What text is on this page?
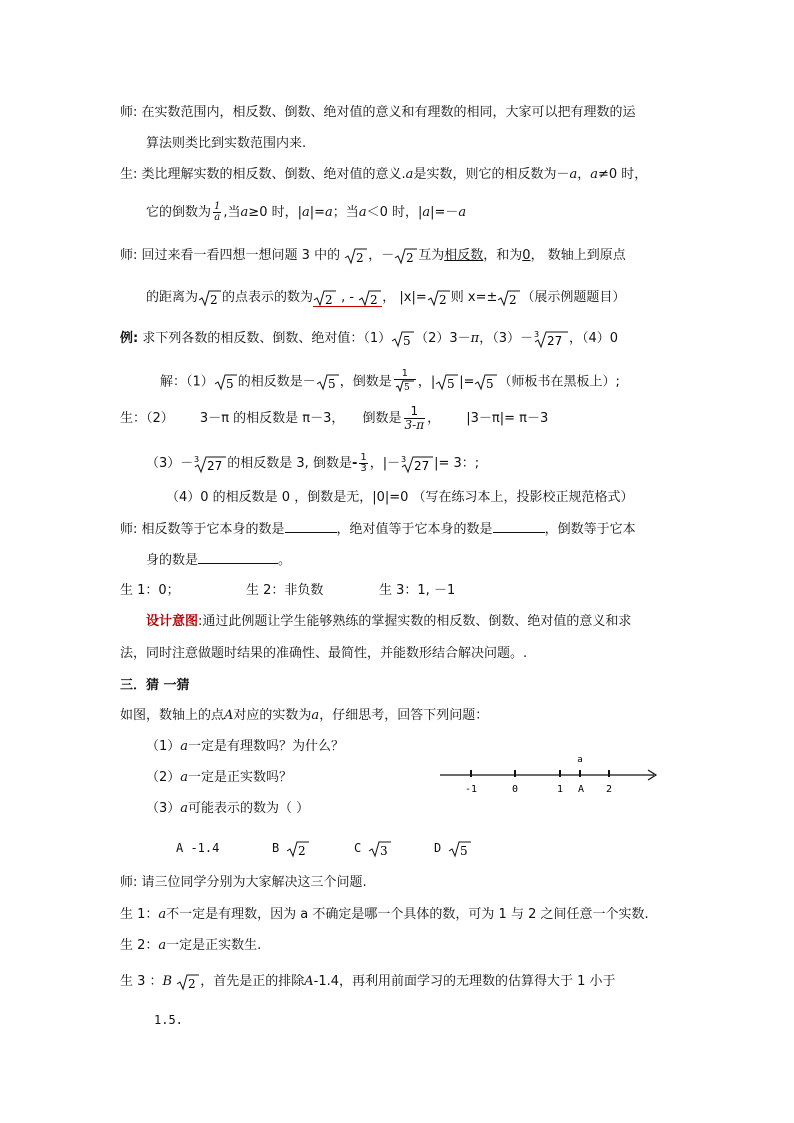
师: 在实数范围内，相反数、倒数、绝对值的意义和有理数的相同，大家可以把有理数的运
算法则类比到实数范围内来.
生: 类比理解实数的相反数、倒数、绝对值的意义.a是实数，则它的相反数为－a，a≠0 时，
它的倒数为 $\frac{1}{a}$ ,当a≥0 时，|a|=a；当a＜0 时，|a|=－a
师: 回过来看一看四想一想问题 3 中的 2 ，－ 2 互为相反数，和为0， 数轴上到原点
的距离为 2 的点表示的数为 2 , - 2 ， |x|= 2 则 x=± 2 （展示例题题目）
例: 求下列各数的相反数、倒数、绝对值：（1） 5 （2）3－π，（3）－ 3 27 ，（4）0
解：（1） 5 的相反数是－ 5 ，倒数是 $\frac{1}{5}$ ，| 5 |= 5 （师板书在黑板上）;
生：（2） 3－π 的相反数是 π－3， 倒数是 $\frac{1}{3-\pi}$ ， |3－π|= π－3
（3）－ 3 27 的相反数是 3, 倒数是- $\frac{1}{3}$ ，|－ 3 27 |= 3：;
（4）0 的相反数是 0 ，倒数是无，|0|=0 （写在练习本上，投影校正规范格式）
师: 相反数等于它本身的数是	，绝对值等于它本身的数是	，倒数等于它本
身的数是	。
生 1：0；	生 2：非负数	生 3：1, －1
设计意图:通过此例题让学生能够熟练的掌握实数的相反数、倒数、绝对值的意义和求
法，同时注意做题时结果的准确性、最简性，并能数形结合解决问题。.
三．猜 一猜
如图，数轴上的点A对应的实数为a，仔细思考，回答下列问题：
（1）a一定是有理数吗？为什么？
（2）a一定是正实数吗？
（3）a可能表示的数为（ ）
A -1.4	B 2	C 3	D 5
a
-1	0	1 A 2
师: 请三位同学分别为大家解决这三个问题.
生 1：a不一定是有理数，因为 a 不确定是哪一个具体的数，可为 1 与 2 之间任意一个实数.
生 2：a一定是正实数生.
生 3 ：B 2 ，首先是正的排除A-1.4，再利用前面学习的无理数的估算得大于 1 小于
1.5.
